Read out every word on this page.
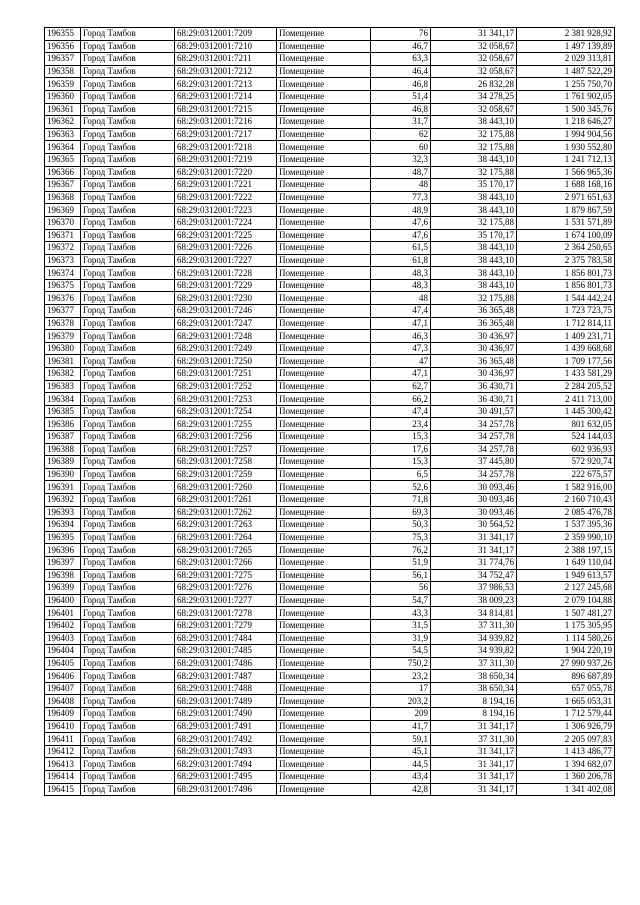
196355	Город Тамбов	68:29:0312001:7209	Помещение	76	31 341,17	2 381 928,92
196356	Город Тамбов	68:29:0312001:7210	Помещение	46,7	32 058,67	1 497 139,89
196357	Город Тамбов	68:29:0312001:7211	Помещение	63,3	32 058,67	2 029 313,81
196358	Город Тамбов	68:29:0312001:7212	Помещение	46,4	32 058,67	1 487 522,29
196359	Город Тамбов	68:29:0312001:7213	Помещение	46,8	26 832,28	1 255 750,70
196360	Город Тамбов	68:29:0312001:7214	Помещение	51,4	34 278,25	1 761 902,05
196361	Город Тамбов	68:29:0312001:7215	Помещение	46,8	32 058,67	1 500 345,76
196362	Город Тамбов	68:29:0312001:7216	Помещение	31,7	38 443,10	1 218 646,27
196363	Город Тамбов	68:29:0312001:7217	Помещение	62	32 175,88	1 994 904,56
196364	Город Тамбов	68:29:0312001:7218	Помещение	60	32 175,88	1 930 552,80
196365	Город Тамбов	68:29:0312001:7219	Помещение	32,3	38 443,10	1 241 712,13
196366	Город Тамбов	68:29:0312001:7220	Помещение	48,7	32 175,88	1 566 965,36
196367	Город Тамбов	68:29:0312001:7221	Помещение	48	35 170,17	1 688 168,16
196368	Город Тамбов	68:29:0312001:7222	Помещение	77,3	38 443,10	2 971 651,63
196369	Город Тамбов	68:29:0312001:7223	Помещение	48,9	38 443,10	1 879 867,59
196370	Город Тамбов	68:29:0312001:7224	Помещение	47,6	32 175,88	1 531 571,89
196371	Город Тамбов	68:29:0312001:7225	Помещение	47,6	35 170,17	1 674 100,09
196372	Город Тамбов	68:29:0312001:7226	Помещение	61,5	38 443,10	2 364 250,65
196373	Город Тамбов	68:29:0312001:7227	Помещение	61,8	38 443,10	2 375 783,58
196374	Город Тамбов	68:29:0312001:7228	Помещение	48,3	38 443,10	1 856 801,73
196375	Город Тамбов	68:29:0312001:7229	Помещение	48,3	38 443,10	1 856 801,73
196376	Город Тамбов	68:29:0312001:7230	Помещение	48	32 175,88	1 544 442,24
196377	Город Тамбов	68:29:0312001:7246	Помещение	47,4	36 365,48	1 723 723,75
196378	Город Тамбов	68:29:0312001:7247	Помещение	47,1	36 365,48	1 712 814,11
196379	Город Тамбов	68:29:0312001:7248	Помещение	46,3	30 436,97	1 409 231,71
196380	Город Тамбов	68:29:0312001:7249	Помещение	47,3	30 436,97	1 439 668,68
196381	Город Тамбов	68:29:0312001:7250	Помещение	47	36 365,48	1 709 177,56
196382	Город Тамбов	68:29:0312001:7251	Помещение	47,1	30 436,97	1 433 581,29
196383	Город Тамбов	68:29:0312001:7252	Помещение	62,7	36 430,71	2 284 205,52
196384	Город Тамбов	68:29:0312001:7253	Помещение	66,2	36 430,71	2 411 713,00
196385	Город Тамбов	68:29:0312001:7254	Помещение	47,4	30 491,57	1 445 300,42
196386	Город Тамбов	68:29:0312001:7255	Помещение	23,4	34 257,78	801 632,05
196387	Город Тамбов	68:29:0312001:7256	Помещение	15,3	34 257,78	524 144,03
196388	Город Тамбов	68:29:0312001:7257	Помещение	17,6	34 257,78	602 936,93
196389	Город Тамбов	68:29:0312001:7258	Помещение	15,3	37 445,80	572 920,74
196390	Город Тамбов	68:29:0312001:7259	Помещение	6,5	34 257,78	222 675,57
196391	Город Тамбов	68:29:0312001:7260	Помещение	52,6	30 093,46	1 582 916,00
196392	Город Тамбов	68:29:0312001:7261	Помещение	71,8	30 093,46	2 160 710,43
196393	Город Тамбов	68:29:0312001:7262	Помещение	69,3	30 093,46	2 085 476,78
196394	Город Тамбов	68:29:0312001:7263	Помещение	50,3	30 564,52	1 537 395,36
196395	Город Тамбов	68:29:0312001:7264	Помещение	75,3	31 341,17	2 359 990,10
196396	Город Тамбов	68:29:0312001:7265	Помещение	76,2	31 341,17	2 388 197,15
196397	Город Тамбов	68:29:0312001:7266	Помещение	51,9	31 774,76	1 649 110,04
196398	Город Тамбов	68:29:0312001:7275	Помещение	56,1	34 752,47	1 949 613,57
196399	Город Тамбов	68:29:0312001:7276	Помещение	56	37 986,53	2 127 245,68
196400	Город Тамбов	68:29:0312001:7277	Помещение	54,7	38 009,23	2 079 104,88
196401	Город Тамбов	68:29:0312001:7278	Помещение	43,3	34 814,81	1 507 481,27
196402	Город Тамбов	68:29:0312001:7279	Помещение	31,5	37 311,30	1 175 305,95
196403	Город Тамбов	68:29:0312001:7484	Помещение	31,9	34 939,82	1 114 580,26
196404	Город Тамбов	68:29:0312001:7485	Помещение	54,5	34 939,82	1 904 220,19
196405	Город Тамбов	68:29:0312001:7486	Помещение	750,2	37 311,30	27 990 937,26
196406	Город Тамбов	68:29:0312001:7487	Помещение	23,2	38 650,34	896 687,89
196407	Город Тамбов	68:29:0312001:7488	Помещение	17	38 650,34	657 055,78
196408	Город Тамбов	68:29:0312001:7489	Помещение	203,2	8 194,16	1 665 053,31
196409	Город Тамбов	68:29:0312001:7490	Помещение	209	8 194,16	1 712 579,44
196410	Город Тамбов	68:29:0312001:7491	Помещение	41,7	31 341,17	1 306 926,79
196411	Город Тамбов	68:29:0312001:7492	Помещение	59,1	37 311,30	2 205 097,83
196412	Город Тамбов	68:29:0312001:7493	Помещение	45,1	31 341,17	1 413 486,77
196413	Город Тамбов	68:29:0312001:7494	Помещение	44,5	31 341,17	1 394 682,07
196414	Город Тамбов	68:29:0312001:7495	Помещение	43,4	31 341,17	1 360 206,78
196415	Город Тамбов	68:29:0312001:7496	Помещение	42,8	31 341,17	1 341 402,08
